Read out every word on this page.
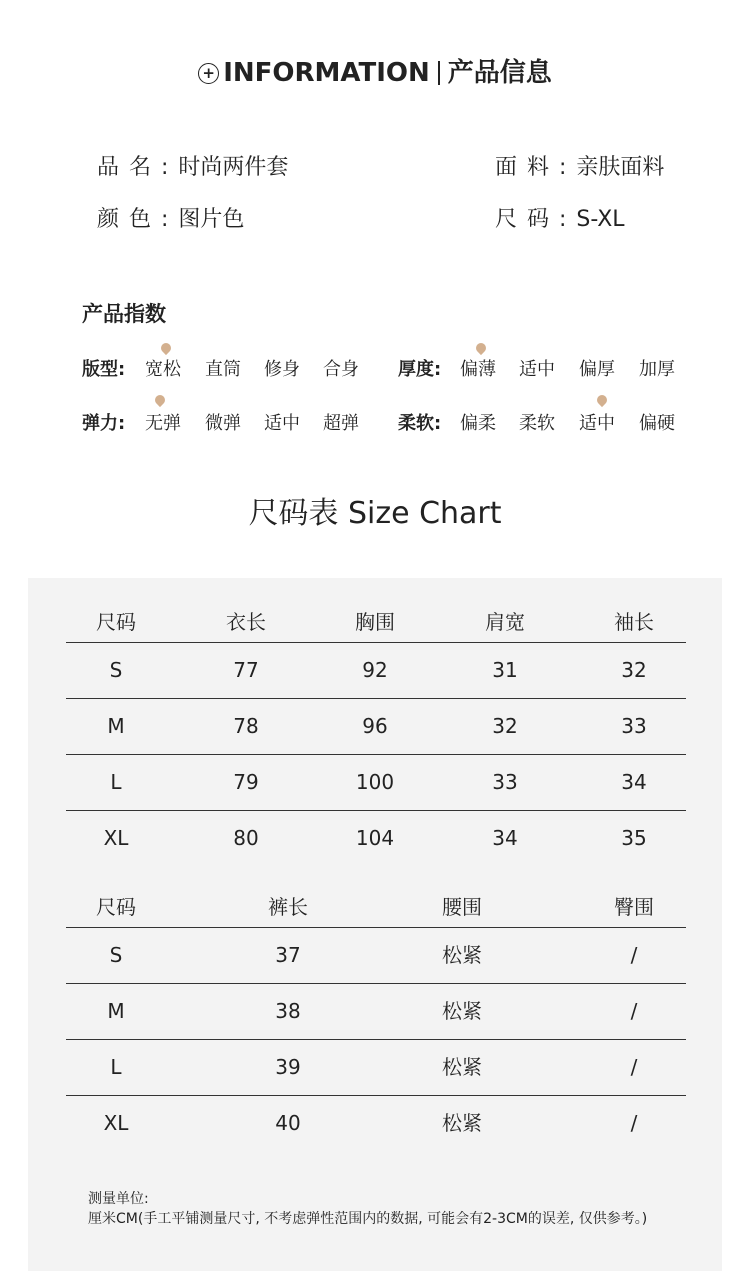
+ INFORMATION 产品信息
品名:时尚两件套	面料:亲肤面料
颜色:图片色	尺码:S-XL
产品指数
版型: 宽松 直筒 修身 合身 厚度: 偏薄 适中 偏厚 加厚
弹力: 无弹 微弹 适中 超弹 柔软: 偏柔 柔软 适中 偏硬
尺码表 Size Chart
尺码	衣长	胸围	肩宽	袖长
S	77	92	31	32
M	78	96	32	33
L	79	100	33	34
XL	80	104	34	35
尺码	裤长	腰围	臀围
S	37	松紧	/
M	38	松紧	/
L	39	松紧	/
XL	40	松紧	/
测量单位:
厘米CM(手工平铺测量尺寸, 不考虑弹性范围内的数据, 可能会有2-3CM的误差, 仅供参考。)
